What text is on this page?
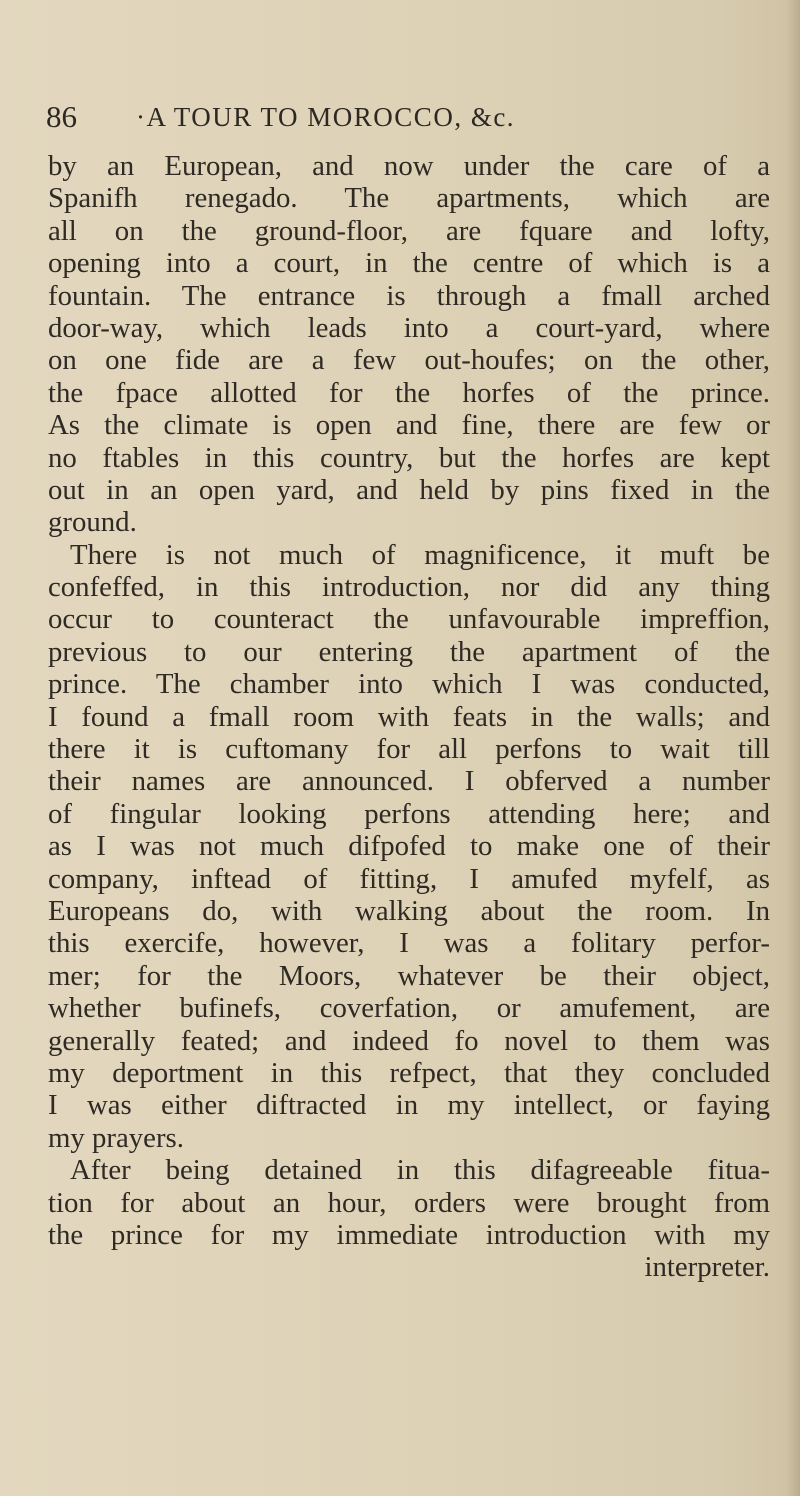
86 ·A TOUR TO MOROCCO, &c.
by an European, and now under the care of a
Spanifh renegado. The apartments, which are
all on the ground-floor, are fquare and lofty,
opening into a court, in the centre of which is a
fountain. The entrance is through a fmall arched
door-way, which leads into a court-yard, where
on one fide are a few out-houfes; on the other,
the fpace allotted for the horfes of the prince.
As the climate is open and fine, there are few or
no ftables in this country, but the horfes are kept
out in an open yard, and held by pins fixed in the
ground.
There is not much of magnificence, it muft be
confeffed, in this introduction, nor did any thing
occur to counteract the unfavourable impreffion,
previous to our entering the apartment of the
prince. The chamber into which I was conducted,
I found a fmall room with feats in the walls; and
there it is cuftomany for all perfons to wait till
their names are announced. I obferved a number
of fingular looking perfons attending here; and
as I was not much difpofed to make one of their
company, inftead of fitting, I amufed myfelf, as
Europeans do, with walking about the room. In
this exercife, however, I was a folitary perfor-
mer; for the Moors, whatever be their object,
whether bufinefs, coverfation, or amufement, are
generally feated; and indeed fo novel to them was
my deportment in this refpect, that they concluded
I was either diftracted in my intellect, or faying
my prayers.
After being detained in this difagreeable fitua-
tion for about an hour, orders were brought from
the prince for my immediate introduction with my
interpreter.
